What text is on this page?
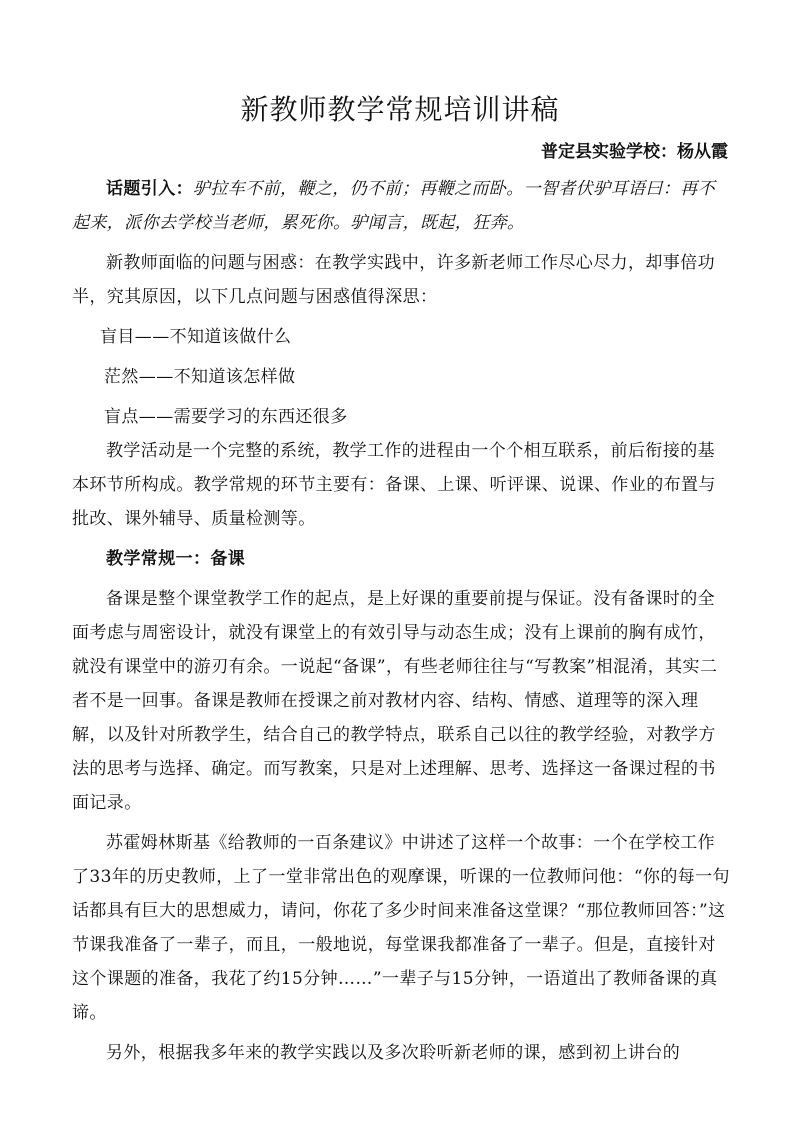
新教师教学常规培训讲稿
普定县实验学校：杨从霞

话题引入：驴拉车不前，鞭之，仍不前；再鞭之而卧。一智者伏驴耳语曰：再不起来，派你去学校当老师，累死你。驴闻言，既起，狂奔。

新教师面临的问题与困惑：在教学实践中，许多新老师工作尽心尽力，却事倍功半，究其原因，以下几点问题与困惑值得深思：

盲目——不知道该做什么

茫然——不知道该怎样做

盲点——需要学习的东西还很多

教学活动是一个完整的系统，教学工作的进程由一个个相互联系，前后衔接的基本环节所构成。教学常规的环节主要有：备课、上课、听评课、说课、作业的布置与批改、课外辅导、质量检测等。

教学常规一：备课

备课是整个课堂教学工作的起点，是上好课的重要前提与保证。没有备课时的全面考虑与周密设计，就没有课堂上的有效引导与动态生成；没有上课前的胸有成竹，就没有课堂中的游刃有余。一说起“备课”，有些老师往往与“写教案”相混淆，其实二者不是一回事。备课是教师在授课之前对教材内容、结构、情感、道理等的深入理解，以及针对所教学生，结合自己的教学特点，联系自己以往的教学经验，对教学方法的思考与选择、确定。而写教案，只是对上述理解、思考、选择这一备课过程的书面记录。

苏霍姆林斯基《给教师的一百条建议》中讲述了这样一个故事：一个在学校工作了33年的历史教师，上了一堂非常出色的观摩课，听课的一位教师问他：“你的每一句话都具有巨大的思想威力，请问，你花了多少时间来准备这堂课？“那位教师回答：”这节课我准备了一辈子，而且，一般地说，每堂课我都准备了一辈子。但是，直接针对这个课题的准备，我花了约15分钟……”一辈子与15分钟，一语道出了教师备课的真谛。

另外，根据我多年来的教学实践以及多次聆听新老师的课，感到初上讲台的
